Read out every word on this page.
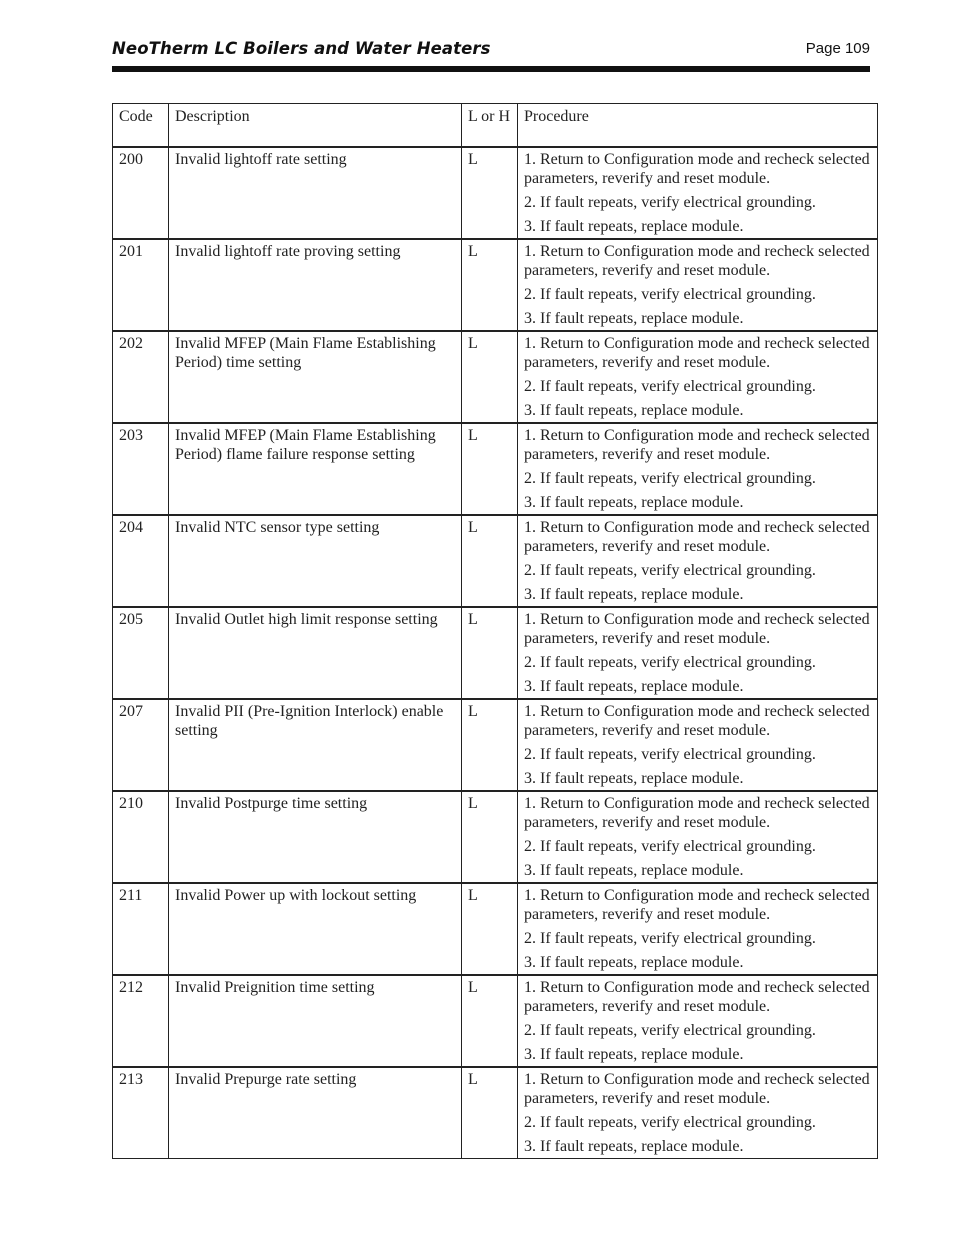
NeoTherm LC Boilers and Water Heaters	Page 109
Code	Description	L or H	Procedure
200	Invalid lightoff rate setting	L	1. Return to Configuration mode and recheck selected parameters, reverify and reset module.
2. If fault repeats, verify electrical grounding.
3. If fault repeats, replace module.

201	Invalid lightoff rate proving setting	L	1. Return to Configuration mode and recheck selected parameters, reverify and reset module.
2. If fault repeats, verify electrical grounding.
3. If fault repeats, replace module.

202	Invalid MFEP (Main Flame Establishing Period) time setting	L	1. Return to Configuration mode and recheck selected parameters, reverify and reset module.
2. If fault repeats, verify electrical grounding.
3. If fault repeats, replace module.

203	Invalid MFEP (Main Flame Establishing Period) flame failure response setting	L	1. Return to Configuration mode and recheck selected parameters, reverify and reset module.
2. If fault repeats, verify electrical grounding.
3. If fault repeats, replace module.

204	Invalid NTC sensor type setting	L	1. Return to Configuration mode and recheck selected parameters, reverify and reset module.
2. If fault repeats, verify electrical grounding.
3. If fault repeats, replace module.

205	Invalid Outlet high limit response setting	L	1. Return to Configuration mode and recheck selected parameters, reverify and reset module.
2. If fault repeats, verify electrical grounding.
3. If fault repeats, replace module.

207	Invalid PII (Pre-Ignition Interlock) enable setting	L	1. Return to Configuration mode and recheck selected parameters, reverify and reset module.
2. If fault repeats, verify electrical grounding.
3. If fault repeats, replace module.

210	Invalid Postpurge time setting	L	1. Return to Configuration mode and recheck selected parameters, reverify and reset module.
2. If fault repeats, verify electrical grounding.
3. If fault repeats, replace module.

211	Invalid Power up with lockout setting	L	1. Return to Configuration mode and recheck selected parameters, reverify and reset module.
2. If fault repeats, verify electrical grounding.
3. If fault repeats, replace module.

212	Invalid Preignition time setting	L	1. Return to Configuration mode and recheck selected parameters, reverify and reset module.
2. If fault repeats, verify electrical grounding.
3. If fault repeats, replace module.

213	Invalid Prepurge rate setting	L	1. Return to Configuration mode and recheck selected parameters, reverify and reset module.
2. If fault repeats, verify electrical grounding.
3. If fault repeats, replace module.
